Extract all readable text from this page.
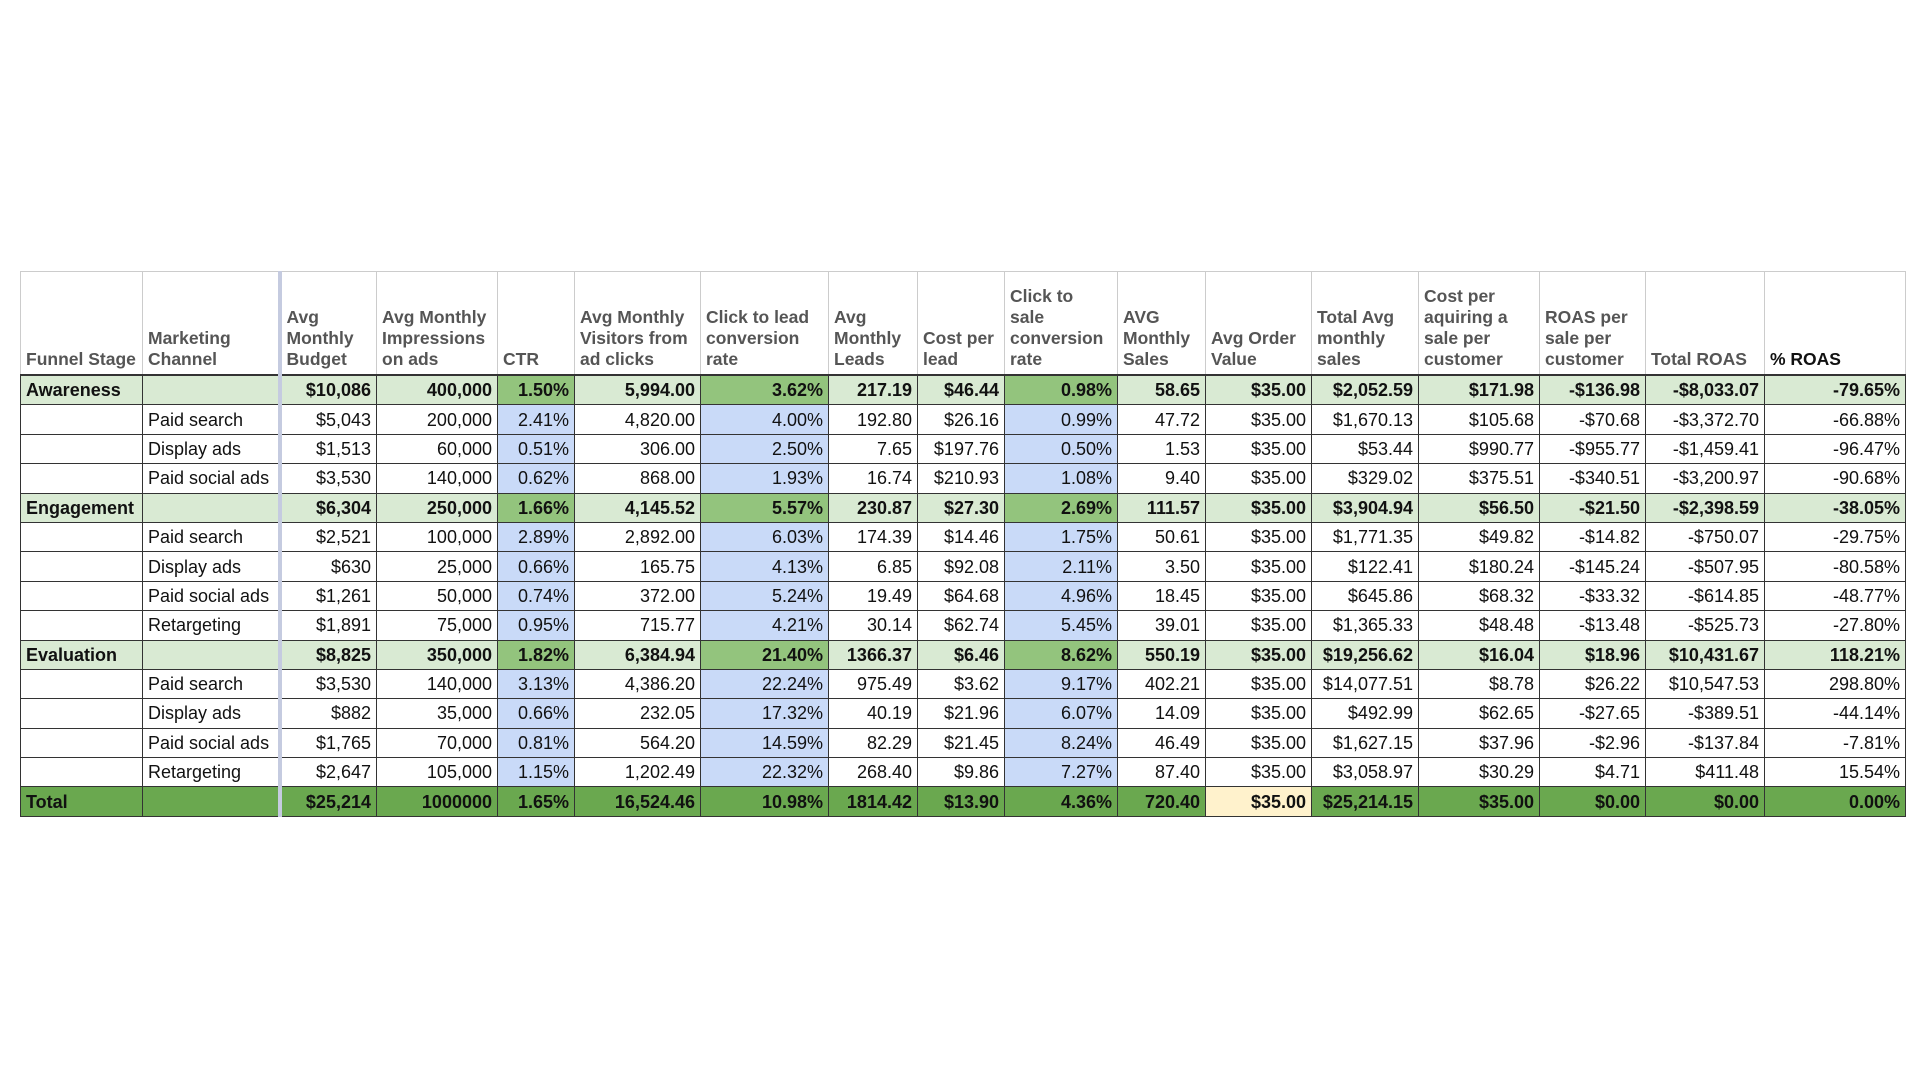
Funnel Stage	Marketing Channel	Avg Monthly Budget	Avg Monthly Impressions on ads	CTR	Avg Monthly Visitors from ad clicks	Click to lead conversion rate	Avg Monthly Leads	Cost per lead	Click to sale conversion rate	AVG Monthly Sales	Avg Order Value	Total Avg monthly sales	Cost per aquiring a sale per customer	ROAS per sale per customer	Total ROAS	% ROAS
Awareness		$10,086	400,000	1.50%	5,994.00	3.62%	217.19	$46.44	0.98%	58.65	$35.00	$2,052.59	$171.98	-$136.98	-$8,033.07	-79.65%
	Paid search	$5,043	200,000	2.41%	4,820.00	4.00%	192.80	$26.16	0.99%	47.72	$35.00	$1,670.13	$105.68	-$70.68	-$3,372.70	-66.88%
	Display ads	$1,513	60,000	0.51%	306.00	2.50%	7.65	$197.76	0.50%	1.53	$35.00	$53.44	$990.77	-$955.77	-$1,459.41	-96.47%
	Paid social ads	$3,530	140,000	0.62%	868.00	1.93%	16.74	$210.93	1.08%	9.40	$35.00	$329.02	$375.51	-$340.51	-$3,200.97	-90.68%
Engagement		$6,304	250,000	1.66%	4,145.52	5.57%	230.87	$27.30	2.69%	111.57	$35.00	$3,904.94	$56.50	-$21.50	-$2,398.59	-38.05%
	Paid search	$2,521	100,000	2.89%	2,892.00	6.03%	174.39	$14.46	1.75%	50.61	$35.00	$1,771.35	$49.82	-$14.82	-$750.07	-29.75%
	Display ads	$630	25,000	0.66%	165.75	4.13%	6.85	$92.08	2.11%	3.50	$35.00	$122.41	$180.24	-$145.24	-$507.95	-80.58%
	Paid social ads	$1,261	50,000	0.74%	372.00	5.24%	19.49	$64.68	4.96%	18.45	$35.00	$645.86	$68.32	-$33.32	-$614.85	-48.77%
	Retargeting	$1,891	75,000	0.95%	715.77	4.21%	30.14	$62.74	5.45%	39.01	$35.00	$1,365.33	$48.48	-$13.48	-$525.73	-27.80%
Evaluation		$8,825	350,000	1.82%	6,384.94	21.40%	1366.37	$6.46	8.62%	550.19	$35.00	$19,256.62	$16.04	$18.96	$10,431.67	118.21%
	Paid search	$3,530	140,000	3.13%	4,386.20	22.24%	975.49	$3.62	9.17%	402.21	$35.00	$14,077.51	$8.78	$26.22	$10,547.53	298.80%
	Display ads	$882	35,000	0.66%	232.05	17.32%	40.19	$21.96	6.07%	14.09	$35.00	$492.99	$62.65	-$27.65	-$389.51	-44.14%
	Paid social ads	$1,765	70,000	0.81%	564.20	14.59%	82.29	$21.45	8.24%	46.49	$35.00	$1,627.15	$37.96	-$2.96	-$137.84	-7.81%
	Retargeting	$2,647	105,000	1.15%	1,202.49	22.32%	268.40	$9.86	7.27%	87.40	$35.00	$3,058.97	$30.29	$4.71	$411.48	15.54%
Total		$25,214	1000000	1.65%	16,524.46	10.98%	1814.42	$13.90	4.36%	720.40	$35.00	$25,214.15	$35.00	$0.00	$0.00	0.00%
